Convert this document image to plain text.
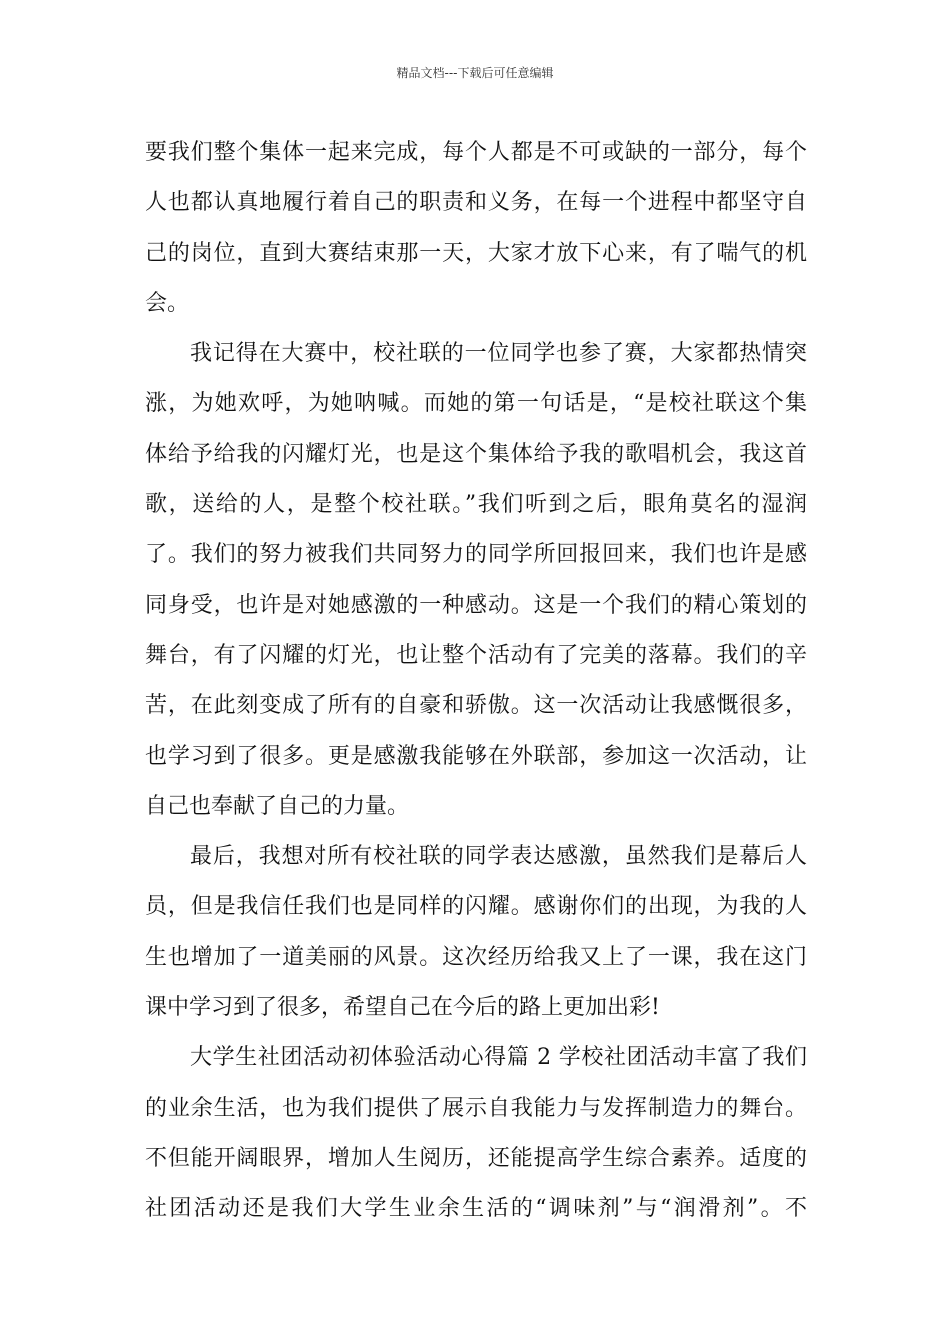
精品文档---下载后可任意编辑
要我们整个集体一起来完成，每个人都是不可或缺的一部分，每个
人也都认真地履行着自己的职责和义务，在每一个进程中都坚守自
己的岗位，直到大赛结束那一天，大家才放下心来，有了喘气的机
会。
我记得在大赛中，校社联的一位同学也参了赛，大家都热情突
涨，为她欢呼，为她呐喊。而她的第一句话是，“是校社联这个集
体给予给我的闪耀灯光，也是这个集体给予我的歌唱机会，我这首
歌，送给的人，是整个校社联。”我们听到之后，眼角莫名的湿润
了。我们的努力被我们共同努力的同学所回报回来，我们也许是感
同身受，也许是对她感激的一种感动。这是一个我们的精心策划的
舞台，有了闪耀的灯光，也让整个活动有了完美的落幕。我们的辛
苦，在此刻变成了所有的自豪和骄傲。这一次活动让我感慨很多，
也学习到了很多。更是感激我能够在外联部，参加这一次活动，让
自己也奉献了自己的力量。
最后，我想对所有校社联的同学表达感激，虽然我们是幕后人
员，但是我信任我们也是同样的闪耀。感谢你们的出现，为我的人
生也增加了一道美丽的风景。这次经历给我又上了一课，我在这门
课中学习到了很多，希望自己在今后的路上更加出彩!
大学生社团活动初体验活动心得篇 2 学校社团活动丰富了我们
的业余生活，也为我们提供了展示自我能力与发挥制造力的舞台。
不但能开阔眼界，增加人生阅历，还能提高学生综合素养。适度的
社团活动还是我们大学生业余生活的“调味剂”与“润滑剂”。不
